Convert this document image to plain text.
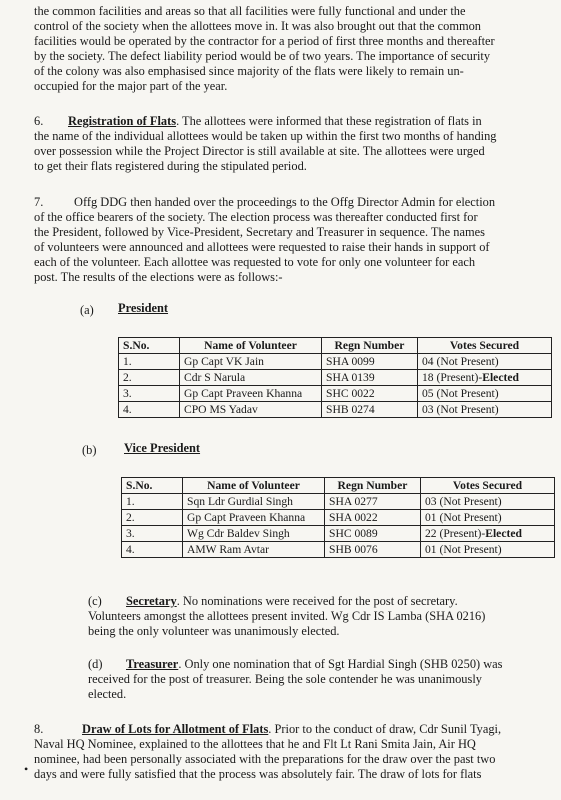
the common facilities and areas so that all facilities were fully functional and under the
control of the society when the allottees move in. It was also brought out that the common
facilities would be operated by the contractor for a period of first three months and thereafter
by the society. The defect liability period would be of two years. The importance of security
of the colony was also emphasised since majority of the flats were likely to remain un-
occupied for the major part of the year.

6. Registration of Flats. The allottees were informed that these registration of flats in
the name of the individual allottees would be taken up within the first two months of handing
over possession while the Project Director is still available at site. The allottees were urged
to get their flats registered during the stipulated period.

7. Offg DDG then handed over the proceedings to the Offg Director Admin for election
of the office bearers of the society. The election process was thereafter conducted first for
the President, followed by Vice-President, Secretary and Treasurer in sequence. The names
of volunteers were announced and allottees were requested to raise their hands in support of
each of the volunteer. Each allottee was requested to vote for only one volunteer for each
post. The results of the elections were as follows:-

(a) President
S.No.	Name of Volunteer	Regn Number	Votes Secured
1.	Gp Capt VK Jain	SHA 0099	04 (Not Present)
2.	Cdr S Narula	SHA 0139	18 (Present)-Elected
3.	Gp Capt Praveen Khanna	SHC 0022	05 (Not Present)
4.	CPO MS Yadav	SHB 0274	03 (Not Present)
(b) Vice President
S.No.	Name of Volunteer	Regn Number	Votes Secured
1.	Sqn Ldr Gurdial Singh	SHA 0277	03 (Not Present)
2.	Gp Capt Praveen Khanna	SHA 0022	01 (Not Present)
3.	Wg Cdr Baldev Singh	SHC 0089	22 (Present)-Elected
4.	AMW Ram Avtar	SHB 0076	01 (Not Present)

(c) Secretary. No nominations were received for the post of secretary.
Volunteers amongst the allottees present invited. Wg Cdr IS Lamba (SHA 0216)
being the only volunteer was unanimously elected.

(d) Treasurer. Only one nomination that of Sgt Hardial Singh (SHB 0250) was
received for the post of treasurer. Being the sole contender he was unanimously
elected.

8.	Draw of Lots for Allotment of Flats. Prior to the conduct of draw, Cdr Sunil Tyagi,
Naval HQ Nominee, explained to the allottees that he and Flt Lt Rani Smita Jain, Air HQ
nominee, had been personally associated with the preparations for the draw over the past two
days and were fully satisfied that the process was absolutely fair. The draw of lots for flats

•
